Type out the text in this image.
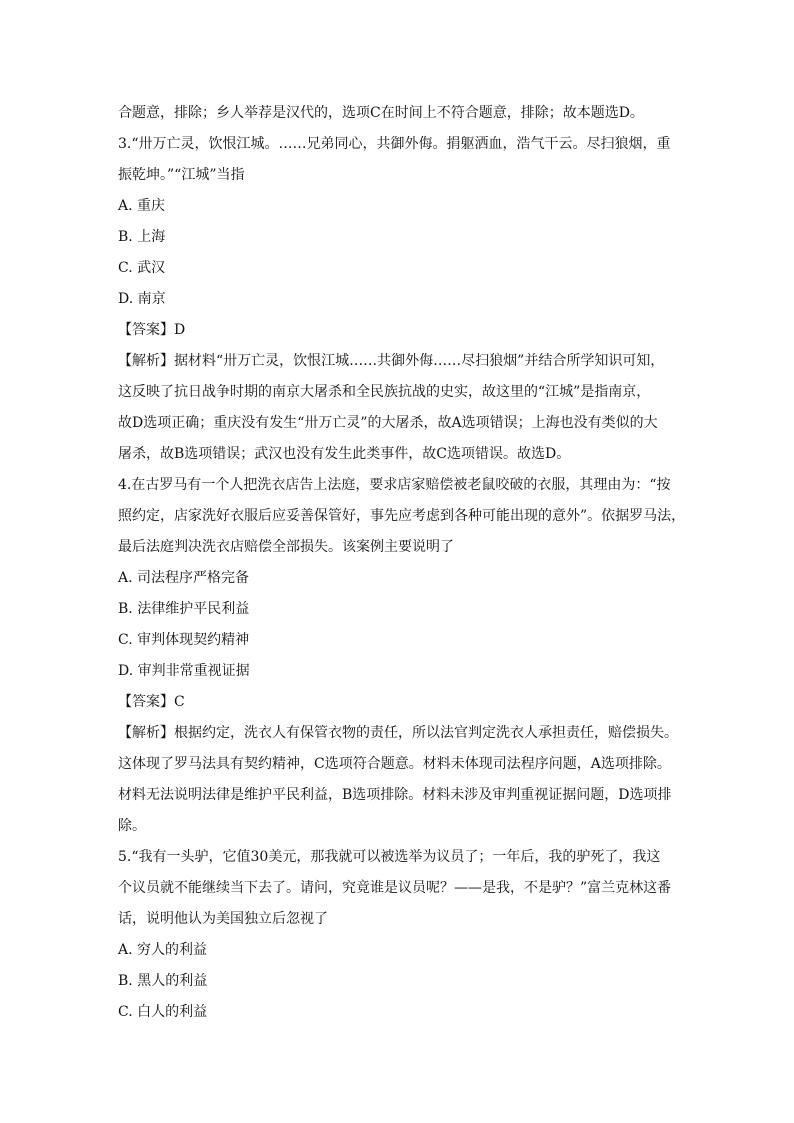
合题意，排除；乡人举荐是汉代的，选项C在时间上不符合题意，排除；故本题选D。
3.“卅万亡灵，饮恨江城。……兄弟同心，共御外侮。捐躯洒血，浩气干云。尽扫狼烟，重
振乾坤。”“江城”当指
A. 重庆
B. 上海
C. 武汉
D. 南京
【答案】D
【解析】据材料“卅万亡灵，饮恨江城……共御外侮……尽扫狼烟”并结合所学知识可知，
这反映了抗日战争时期的南京大屠杀和全民族抗战的史实，故这里的“江城”是指南京，
故D选项正确；重庆没有发生“卅万亡灵”的大屠杀，故A选项错误；上海也没有类似的大
屠杀，故B选项错误；武汉也没有发生此类事件，故C选项错误。故选D。
4.在古罗马有一个人把洗衣店告上法庭，要求店家赔偿被老鼠咬破的衣服，其理由为：“按
照约定，店家洗好衣服后应妥善保管好，事先应考虑到各种可能出现的意外”。依据罗马法，
最后法庭判决洗衣店赔偿全部损失。该案例主要说明了
A. 司法程序严格完备
B. 法律维护平民利益
C. 审判体现契约精神
D. 审判非常重视证据
【答案】C
【解析】根据约定，洗衣人有保管衣物的责任，所以法官判定洗衣人承担责任，赔偿损失。
这体现了罗马法具有契约精神，C选项符合题意。材料未体现司法程序问题，A选项排除。
材料无法说明法律是维护平民利益，B选项排除。材料未涉及审判重视证据问题，D选项排
除。
5.“我有一头驴，它值30美元，那我就可以被选举为议员了；一年后，我的驴死了，我这
个议员就不能继续当下去了。请问，究竟谁是议员呢？——是我，不是驴？”富兰克林这番
话，说明他认为美国独立后忽视了
A. 穷人的利益
B. 黑人的利益
C. 白人的利益
